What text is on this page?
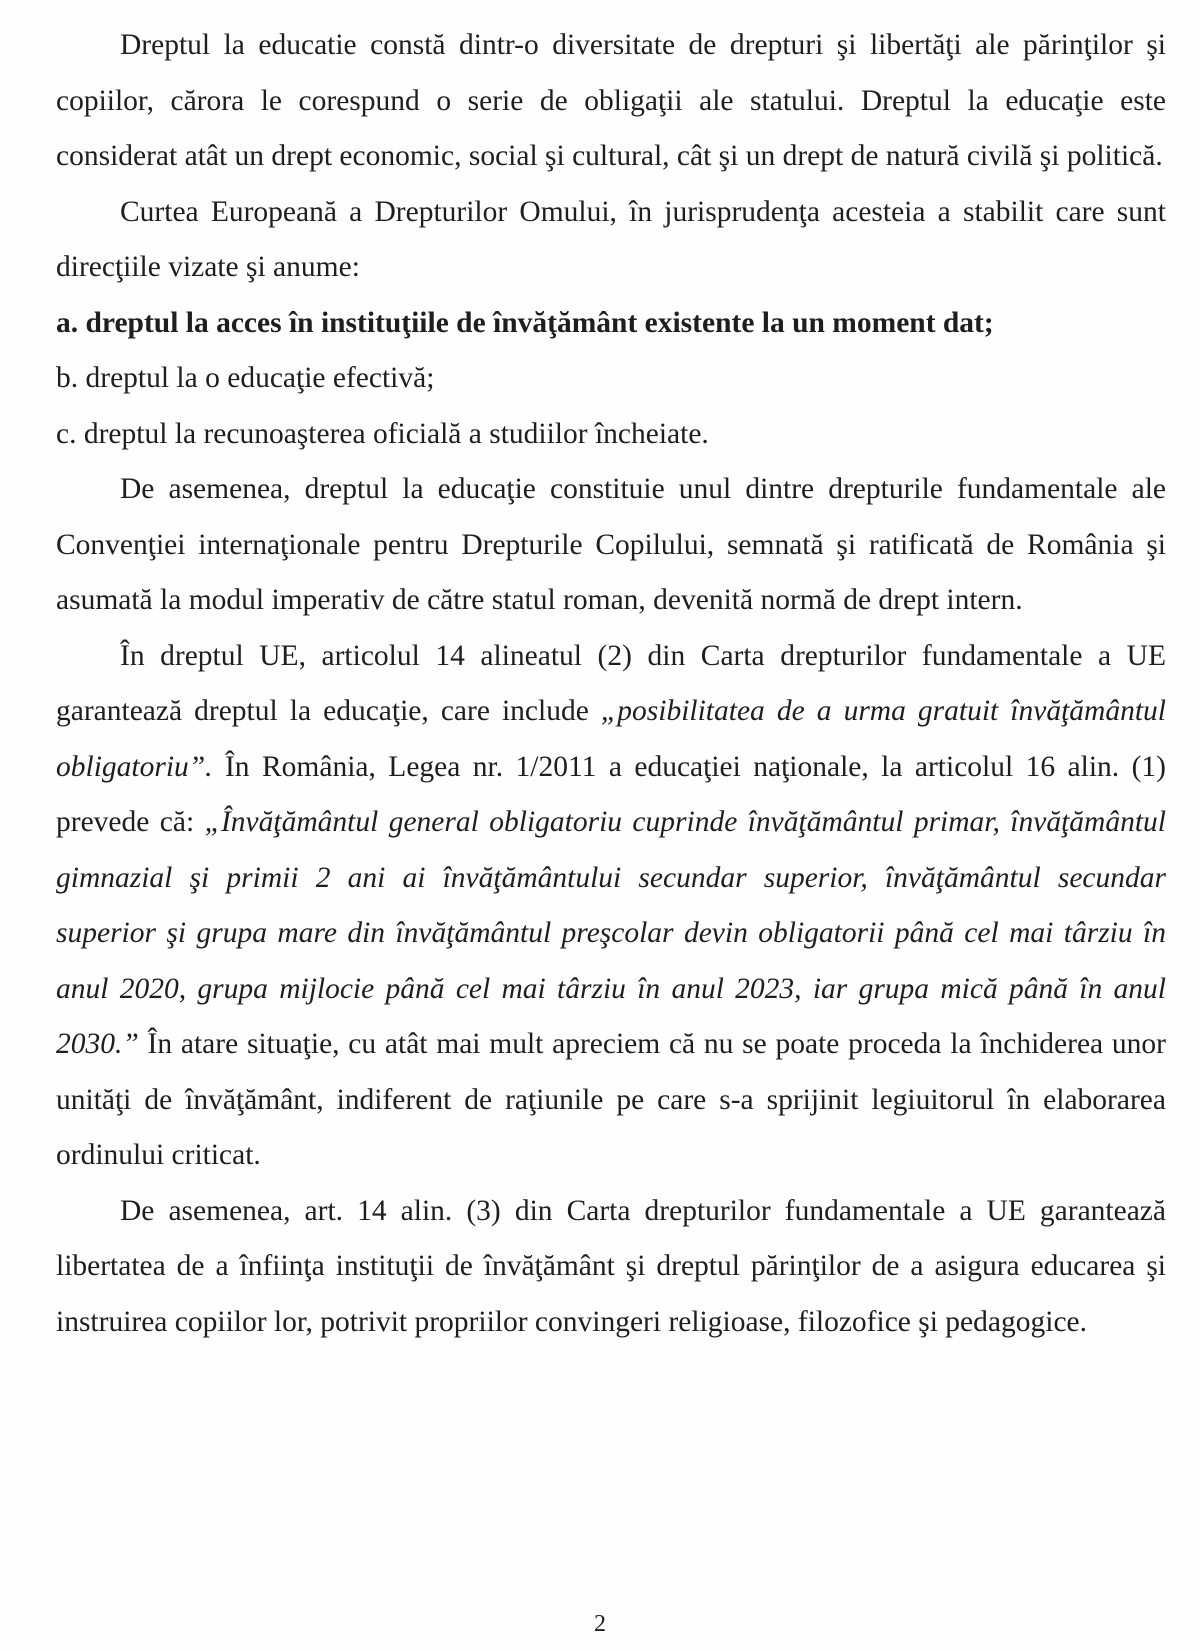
Dreptul la educatie constă dintr-o diversitate de drepturi şi libertăţi ale părinţilor şi copiilor, cărora le corespund o serie de obligaţii ale statului. Dreptul la educaţie este considerat atât un drept economic, social şi cultural, cât şi un drept de natură civilă şi politică.

Curtea Europeană a Drepturilor Omului, în jurisprudenţa acesteia a stabilit care sunt direcţiile vizate şi anume:

a. dreptul la acces în instituţiile de învăţământ existente la un moment dat;

b. dreptul la o educaţie efectivă;

c. dreptul la recunoaşterea oficială a studiilor încheiate.

De asemenea, dreptul la educaţie constituie unul dintre drepturile fundamentale ale Convenţiei internaţionale pentru Drepturile Copilului, semnată şi ratificată de România şi asumată la modul imperativ de către statul roman, devenită normă de drept intern.

În dreptul UE, articolul 14 alineatul (2) din Carta drepturilor fundamentale a UE garantează dreptul la educaţie, care include „posibilitatea de a urma gratuit învăţământul obligatoriu”. În România, Legea nr. 1/2011 a educaţiei naţionale, la articolul 16 alin. (1) prevede că: „Învăţământul general obligatoriu cuprinde învăţământul primar, învăţământul gimnazial şi primii 2 ani ai învăţământului secundar superior, învăţământul secundar superior şi grupa mare din învăţământul preşcolar devin obligatorii până cel mai târziu în anul 2020, grupa mijlocie până cel mai târziu în anul 2023, iar grupa mică până în anul 2030.” În atare situaţie, cu atât mai mult apreciem că nu se poate proceda la închiderea unor unităţi de învăţământ, indiferent de raţiunile pe care s-a sprijinit legiuitorul în elaborarea ordinului criticat.

De asemenea, art. 14 alin. (3) din Carta drepturilor fundamentale a UE garantează libertatea de a înfiinţa instituţii de învăţământ şi dreptul părinţilor de a asigura educarea şi instruirea copiilor lor, potrivit propriilor convingeri religioase, filozofice şi pedagogice.

2
